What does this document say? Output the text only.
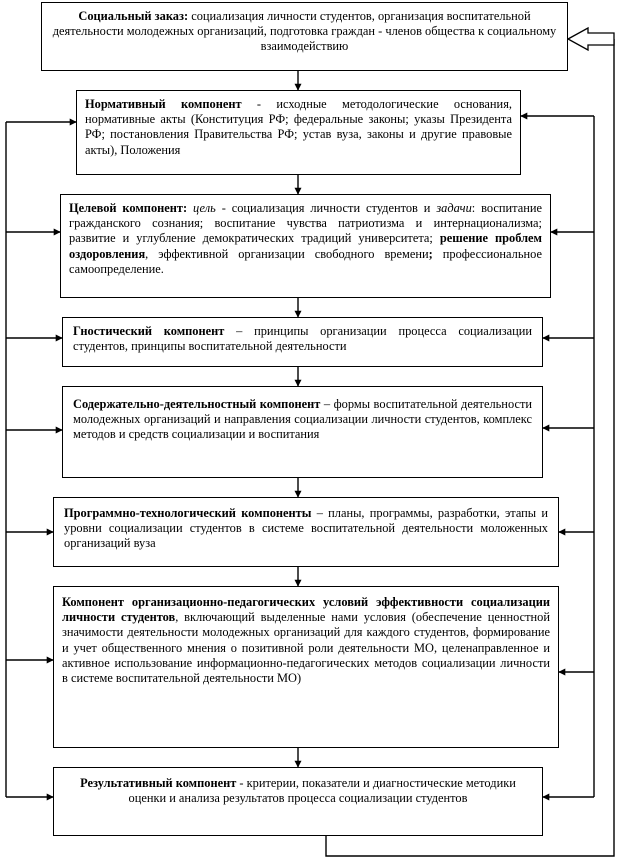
Социальный заказ: социализация личности студентов, организация воспитательной деятельности молодежных организаций, подготовка граждан - членов общества к социальному взаимодействию
Нормативный компонент - исходные методологические основания, нормативные акты (Конституция РФ; федеральные законы; указы Президента РФ; постановления Правительства РФ; устав вуза, законы и другие правовые акты), Положения
Целевой компонент: цель - социализация личности студентов и задачи: воспитание гражданского сознания; воспитание чувства патриотизма и интернационализма; развитие и углубление демократических традиций университета; решение проблем оздоровления, эффективной организации свободного времени; профессиональное самоопределение.
Гностический компонент – принципы организации процесса социализации студентов, принципы воспитательной деятельности
Содержательно-деятельностный компонент – формы воспитательной деятельности молодежных организаций и направления социализации личности студентов, комплекс методов и средств социализации и воспитания
Программно-технологический компоненты – планы, программы, разработки, этапы и уровни социализации студентов в системе воспитательной деятельности моложенных организаций вуза
Компонент организационно-педагогических условий эффективности социализации личности студентов, включающий выделенные нами условия (обеспечение ценностной значимости деятельности молодежных организаций для каждого студентов, формирование и учет общественного мнения о позитивной роли деятельности МО, целенаправленное и активное использование информационно-педагогических методов социализации личности в системе воспитательной деятельности МО)
Результативный компонент - критерии, показатели и диагностические методики оценки и анализа результатов процесса социализации студентов
